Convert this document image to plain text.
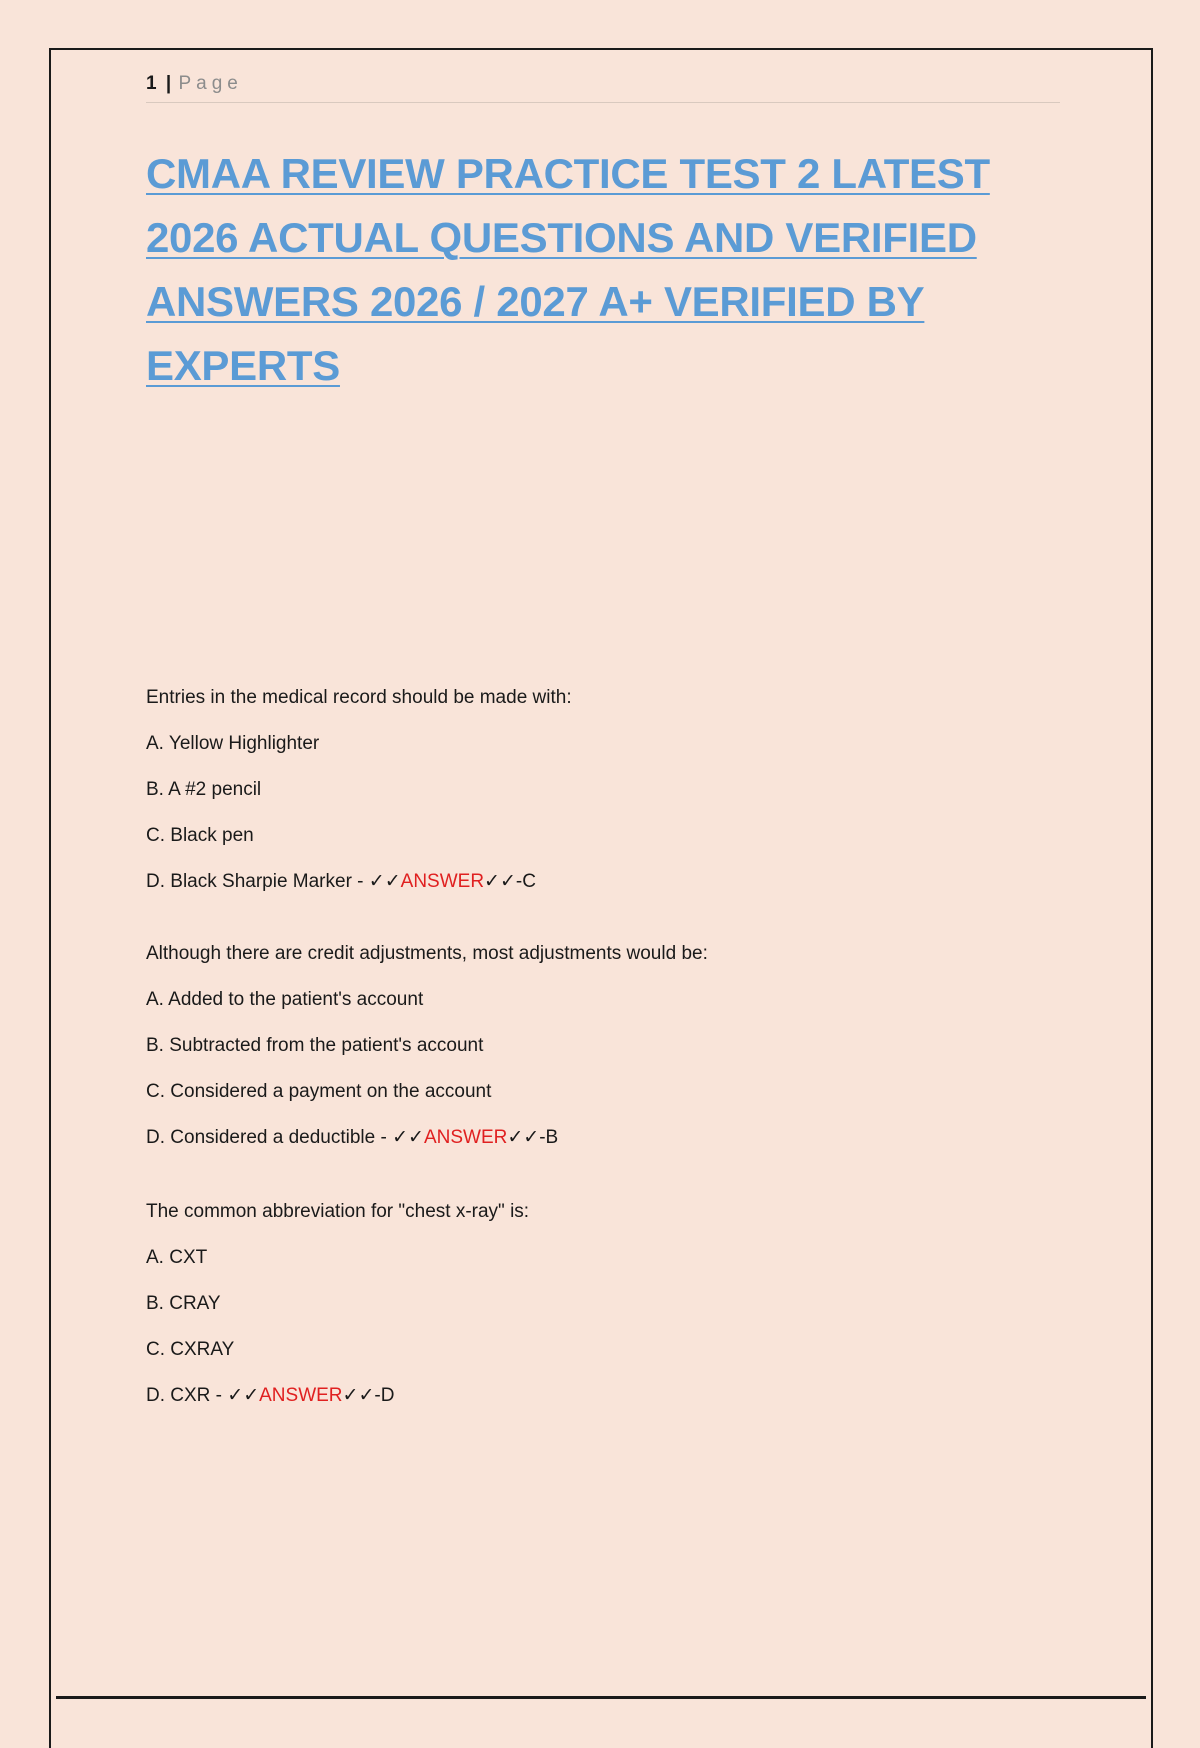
1 | Page
CMAA REVIEW PRACTICE TEST 2 LATEST 2026 ACTUAL QUESTIONS AND VERIFIED ANSWERS 2026 / 2027 A+ VERIFIED BY EXPERTS
Entries in the medical record should be made with:
A. Yellow Highlighter
B. A #2 pencil
C. Black pen
D. Black Sharpie Marker - ✓✓ANSWER✓✓-C
Although there are credit adjustments, most adjustments would be:
A. Added to the patient's account
B. Subtracted from the patient's account
C. Considered a payment on the account
D. Considered a deductible - ✓✓ANSWER✓✓-B
The common abbreviation for "chest x-ray" is:
A. CXT
B. CRAY
C. CXRAY
D. CXR - ✓✓ANSWER✓✓-D
